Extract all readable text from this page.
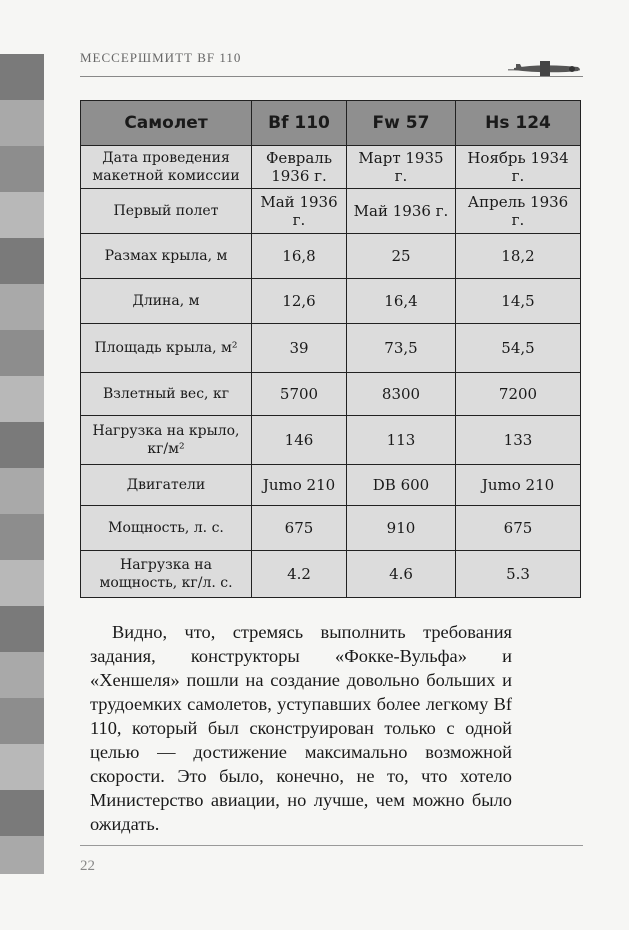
МЕССЕРШМИТТ BF 110
Самолет	Bf 110	Fw 57	Hs 124
Дата проведения макетной комиссии	Февраль 1936 г.	Март 1935 г.	Ноябрь 1934 г.
Первый полет	Май 1936 г.	Май 1936 г.	Апрель 1936 г.
Размах крыла, м	16,8	25	18,2
Длина, м	12,6	16,4	14,5
Площадь крыла, м²	39	73,5	54,5
Взлетный вес, кг	5700	8300	7200
Нагрузка на крыло, кг/м²	146	113	133
Двигатели	Jumo 210	DB 600	Jumo 210
Мощность, л. с.	675	910	675
Нагрузка на мощность, кг/л. с.	4.2	4.6	5.3
Видно, что, стремясь выполнить требования задания, конструкторы «Фокке-Вульфа» и «Хеншеля» пошли на создание довольно больших и трудоемких самолетов, уступавших более легкому Bf 110, который был сконструирован только с одной целью — достижение максимально возможной скорости. Это было, конечно, не то, что хотело Министерство авиации, но лучше, чем можно было ожидать.
22
